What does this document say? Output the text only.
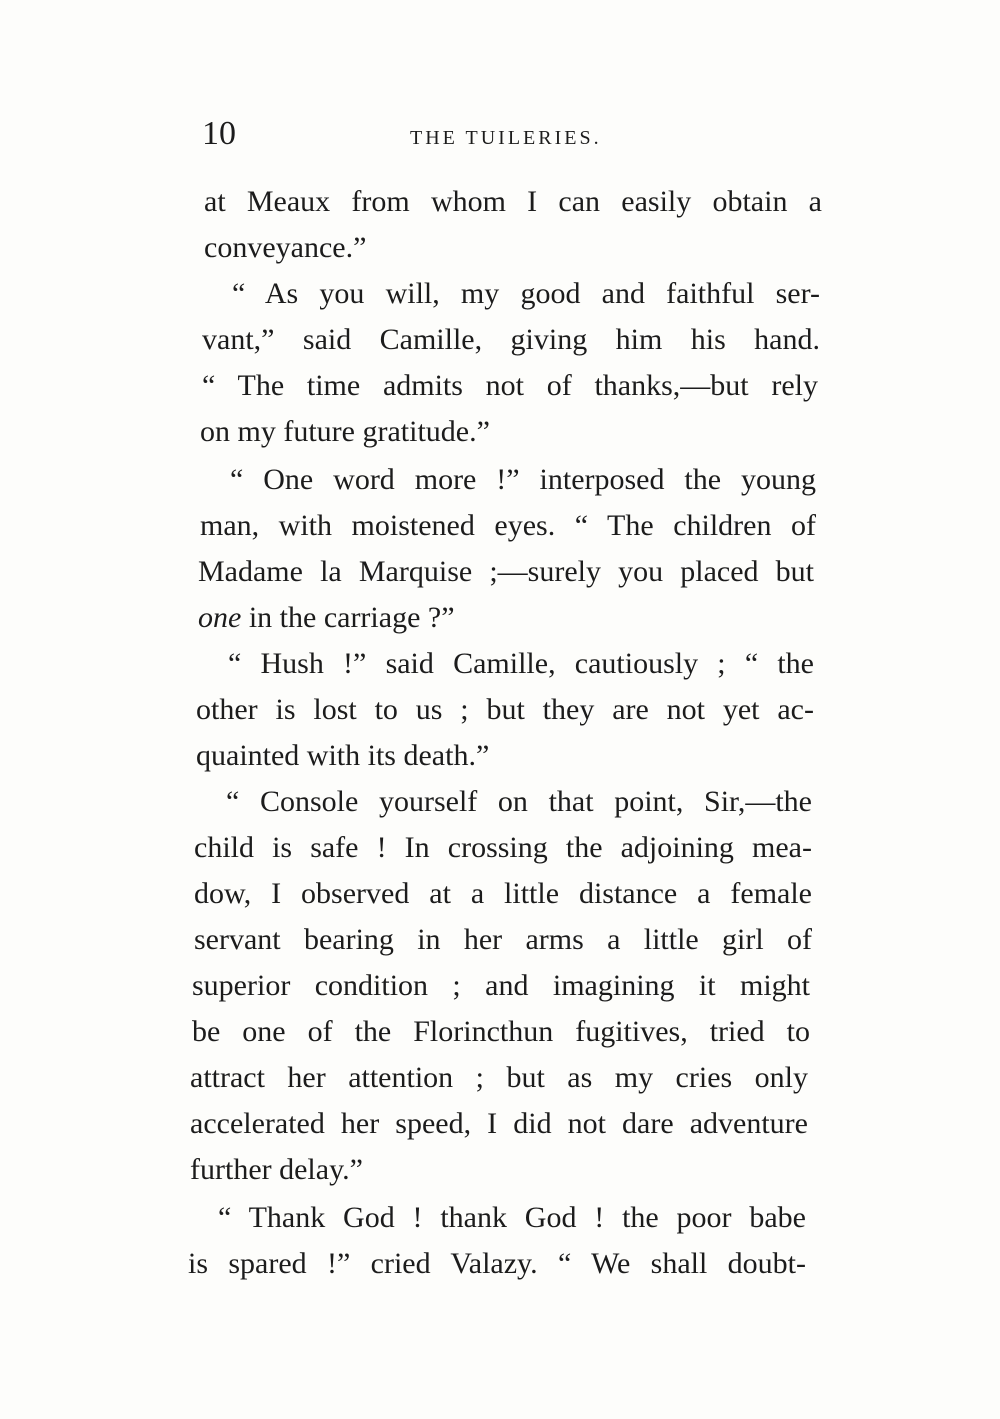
10	THE TUILERIES.
at Meaux from whom I can easily obtain a
conveyance.”
“ As you will, my good and faithful ser-
vant,” said Camille, giving him his hand.
“ The time admits not of thanks,—but rely
on my future gratitude.”
“ One word more !” interposed the young
man, with moistened eyes. “ The children of
Madame la Marquise ;—surely you placed but
one in the carriage ?”
“ Hush !” said Camille, cautiously ; “ the
other is lost to us ; but they are not yet ac-
quainted with its death.”
“ Console yourself on that point, Sir,—the
child is safe ! In crossing the adjoining mea-
dow, I observed at a little distance a female
servant bearing in her arms a little girl of
superior condition ; and imagining it might
be one of the Florincthun fugitives, tried to
attract her attention ; but as my cries only
accelerated her speed, I did not dare adventure
further delay.”
“ Thank God ! thank God ! the poor babe
is spared !” cried Valazy. “ We shall doubt-
